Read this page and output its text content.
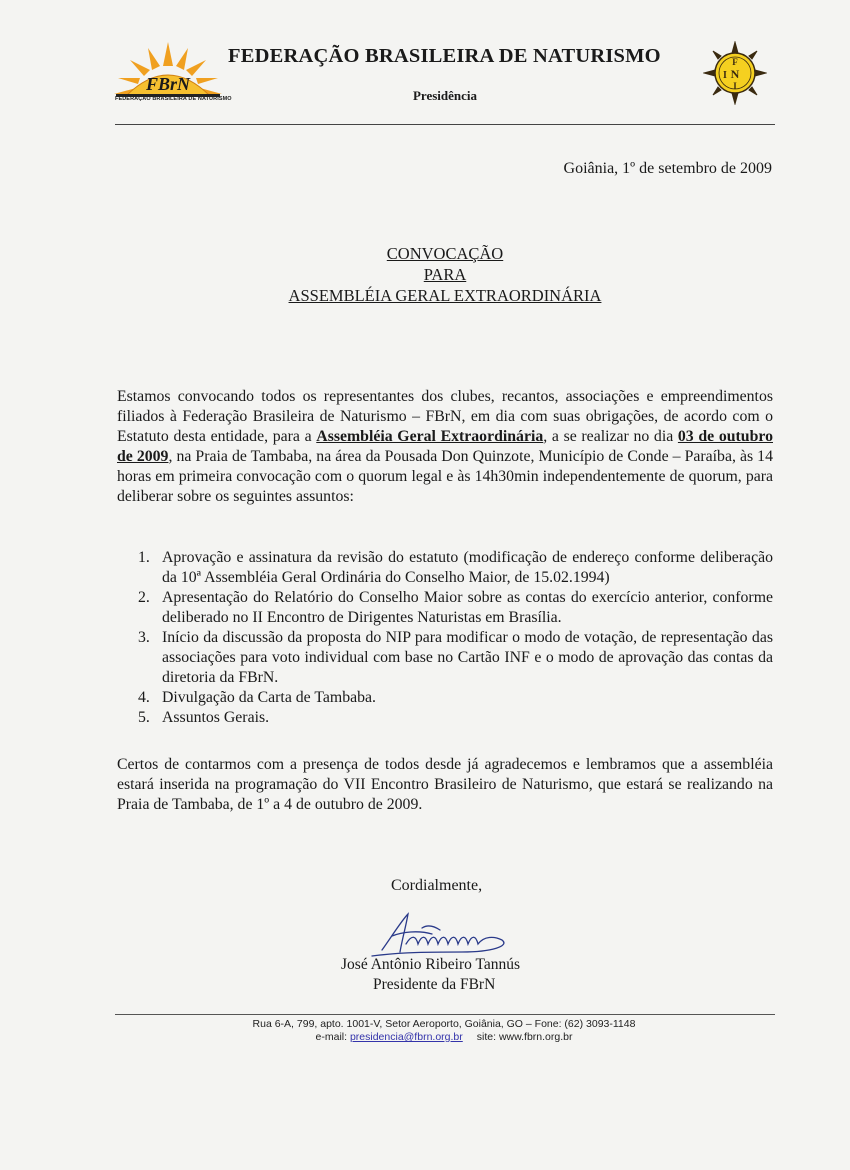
FBrN
FEDERAÇÃO BRASILEIRA DE NATURISMO
FEDERAÇÃO BRASILEIRA DE NATURISMO
Presidência
F
N
I
I
Goiânia, 1º de setembro de 2009
CONVOCAÇÃO
PARA
ASSEMBLÉIA GERAL EXTRAORDINÁRIA
Estamos convocando todos os representantes dos clubes, recantos, associações e empreendimentos filiados à Federação Brasileira de Naturismo – FBrN, em dia com suas obrigações, de acordo com o Estatuto desta entidade, para a Assembléia Geral Extraordinária, a se realizar no dia 03 de outubro de 2009, na Praia de Tambaba, na área da Pousada Don Quinzote, Município de Conde – Paraíba, às 14 horas em primeira convocação com o quorum legal e às 14h30min independentemente de quorum, para deliberar sobre os seguintes assuntos:
1. Aprovação e assinatura da revisão do estatuto (modificação de endereço conforme deliberação da 10ª Assembléia Geral Ordinária do Conselho Maior, de 15.02.1994)
2. Apresentação do Relatório do Conselho Maior sobre as contas do exercício anterior, conforme deliberado no II Encontro de Dirigentes Naturistas em Brasília.
3. Início da discussão da proposta do NIP para modificar o modo de votação, de representação das associações para voto individual com base no Cartão INF e o modo de aprovação das contas da diretoria da FBrN.
4. Divulgação da Carta de Tambaba.
5. Assuntos Gerais.
Certos de contarmos com a presença de todos desde já agradecemos e lembramos que a assembléia estará inserida na programação do VII Encontro Brasileiro de Naturismo, que estará se realizando na Praia de Tambaba, de 1º a 4 de outubro de 2009.
Cordialmente,
José Antônio Ribeiro Tannús
Presidente da FBrN
Rua 6-A, 799, apto. 1001-V, Setor Aeroporto, Goiânia, GO – Fone: (62) 3093-1148
e-mail: presidencia@fbrn.org.br site: www.fbrn.org.br
